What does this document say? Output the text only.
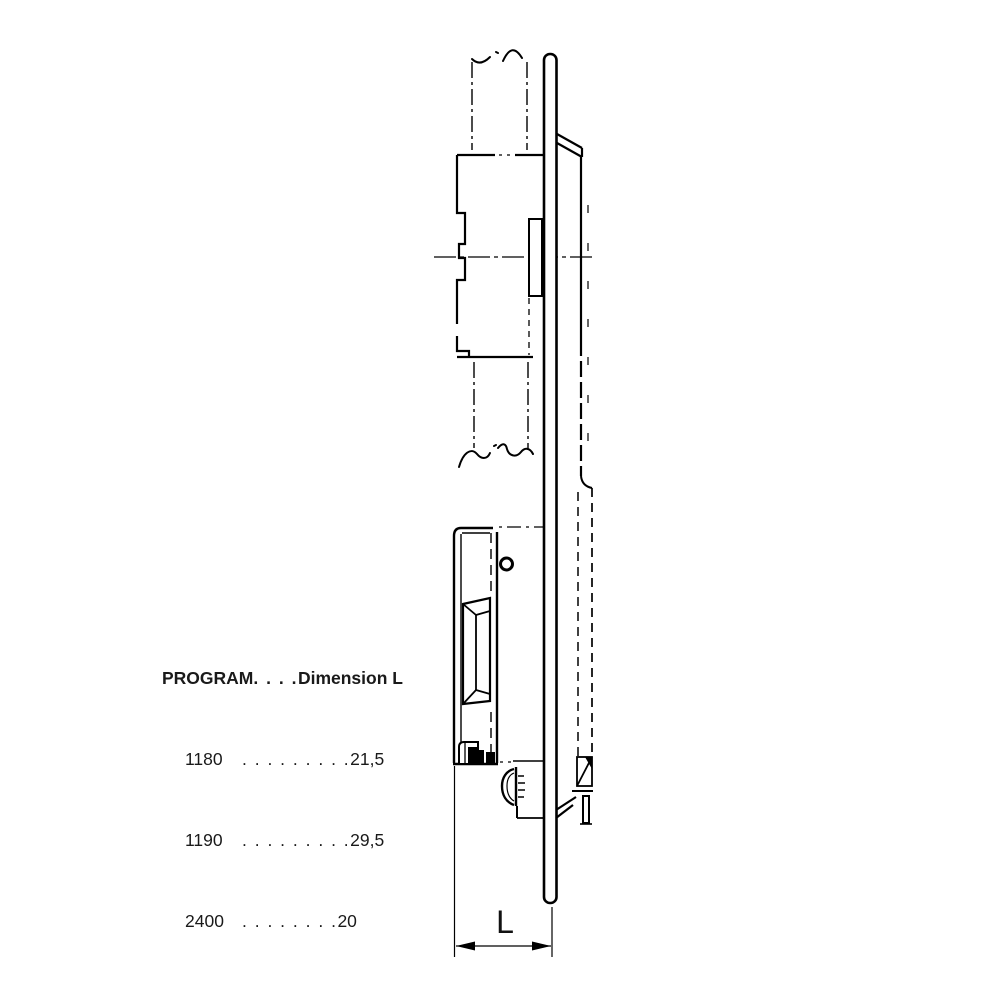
L

PROGRAM . . . . Dimension L

1180	. . . . . . . . . 21,5

1190	. . . . . . . . . 29,5

2400	. . . . . . . . 20
